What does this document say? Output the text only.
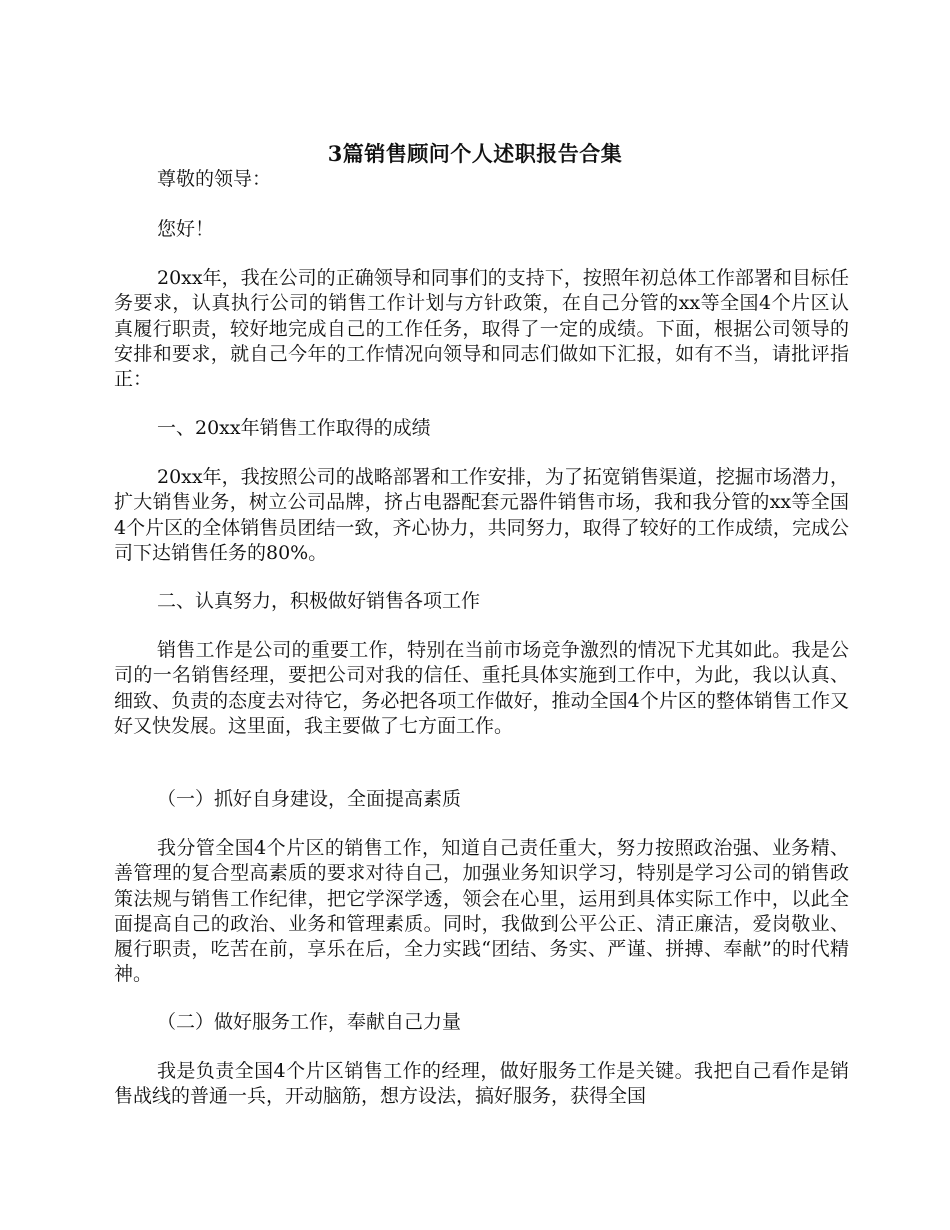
3篇销售顾问个人述职报告合集

尊敬的领导：

您好！

20xx年，我在公司的正确领导和同事们的支持下，按照年初总体工作部署和目标任务要求，认真执行公司的销售工作计划与方针政策，在自己分管的xx等全国4个片区认真履行职责，较好地完成自己的工作任务，取得了一定的成绩。下面，根据公司领导的安排和要求，就自己今年的工作情况向领导和同志们做如下汇报，如有不当，请批评指正：

一、20xx年销售工作取得的成绩

20xx年，我按照公司的战略部署和工作安排，为了拓宽销售渠道，挖掘市场潜力，扩大销售业务，树立公司品牌，挤占电器配套元器件销售市场，我和我分管的xx等全国4个片区的全体销售员团结一致，齐心协力，共同努力，取得了较好的工作成绩，完成公司下达销售任务的80%。

二、认真努力，积极做好销售各项工作

销售工作是公司的重要工作，特别在当前市场竞争激烈的情况下尤其如此。我是公司的一名销售经理，要把公司对我的信任、重托具体实施到工作中，为此，我以认真、细致、负责的态度去对待它，务必把各项工作做好，推动全国4个片区的整体销售工作又好又快发展。这里面，我主要做了七方面工作。

（一）抓好自身建设，全面提高素质

我分管全国4个片区的销售工作，知道自己责任重大，努力按照政治强、业务精、善管理的复合型高素质的要求对待自己，加强业务知识学习，特别是学习公司的销售政策法规与销售工作纪律，把它学深学透，领会在心里，运用到具体实际工作中，以此全面提高自己的政治、业务和管理素质。同时，我做到公平公正、清正廉洁，爱岗敬业、履行职责，吃苦在前，享乐在后，全力实践“团结、务实、严谨、拼搏、奉献”的时代精神。

（二）做好服务工作，奉献自己力量

我是负责全国4个片区销售工作的经理，做好服务工作是关键。我把自己看作是销售战线的普通一兵，开动脑筋，想方设法，搞好服务，获得全国
